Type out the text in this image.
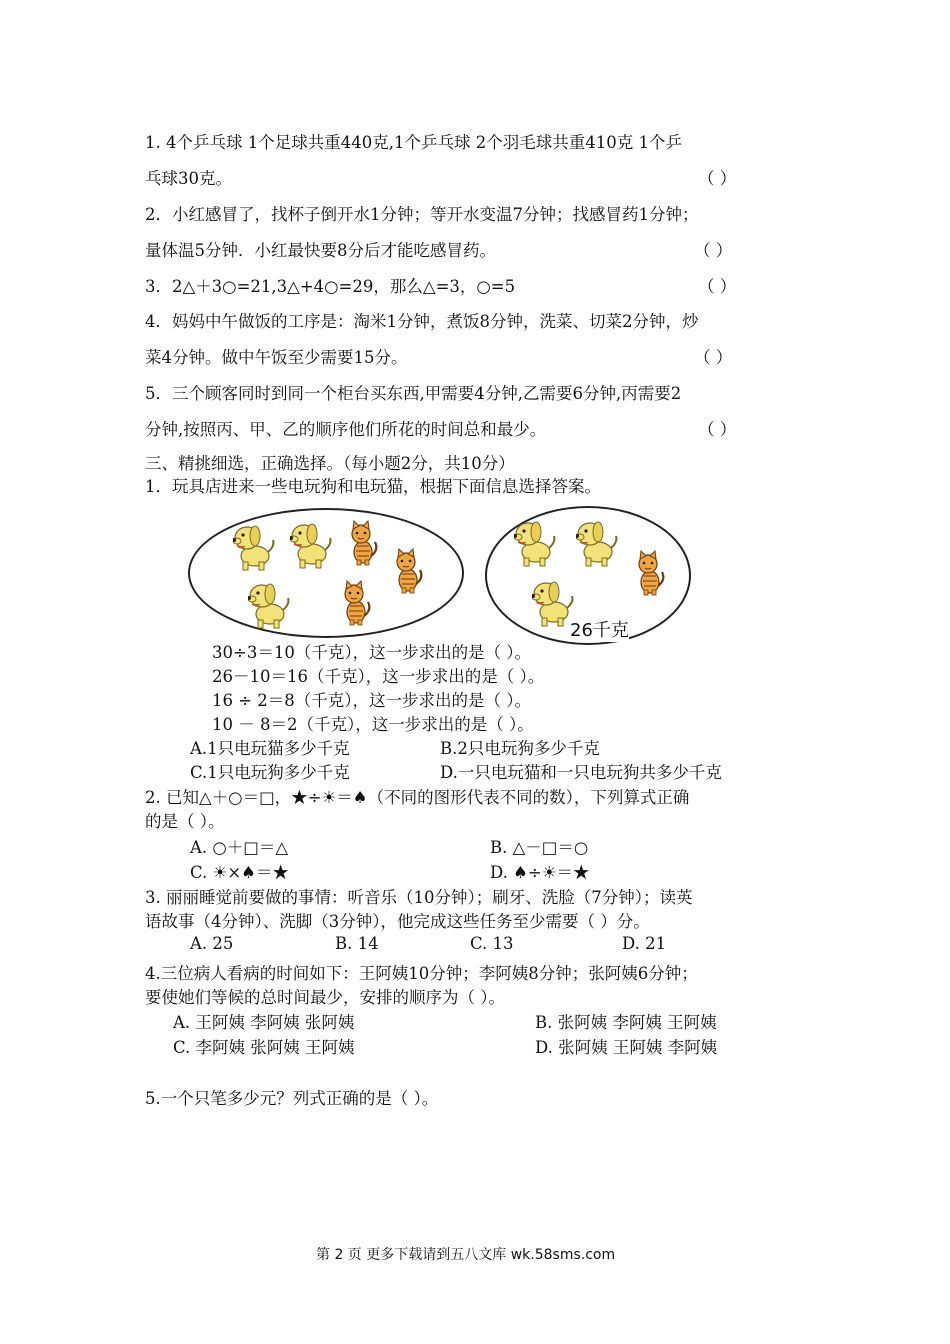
1. 4个乒乓球 1个足球共重440克,1个乒乓球 2个羽毛球共重410克 1个乒
乓球30克。	（ ）
2．小红感冒了，找杯子倒开水1分钟；等开水变温7分钟；找感冒药1分钟；
量体温5分钟．小红最快要8分后才能吃感冒药。	（ ）
3．2△＋3○=21,3△+4○=29，那么△=3，○=5	（ ）
4．妈妈中午做饭的工序是：淘米1分钟，煮饭8分钟，洗菜、切菜2分钟，炒
菜4分钟。做中午饭至少需要15分。	（ ）
5．三个顾客同时到同一个柜台买东西,甲需要4分钟,乙需要6分钟,丙需要2
分钟,按照丙、甲、乙的顺序他们所花的时间总和最少。	（ ）
三、精挑细选，正确选择。（每小题2分，共10分）
1．玩具店进来一些电玩狗和电玩猫，根据下面信息选择答案。
26千克
30÷3＝10（千克），这一步求出的是（ ）。
26－10＝16（千克），这一步求出的是（ ）。
16 ÷ 2＝8（千克），这一步求出的是（ ）。
10 － 8＝2（千克），这一步求出的是（ ）。
A.1只电玩猫多少千克	B.2只电玩狗多少千克
C.1只电玩狗多少千克	D.一只电玩猫和一只电玩狗共多少千克
2. 已知△＋○＝□，★÷☀＝♠（不同的图形代表不同的数），下列算式正确
的是（ ）。
A. ○＋□＝△	B. △－□＝○
C. ☀×♠＝★	D. ♠÷☀＝★
3. 丽丽睡觉前要做的事情：听音乐（10分钟）；刷牙、洗脸（7分钟）；读英
语故事（4分钟）、洗脚（3分钟），他完成这些任务至少需要（ ）分。
A. 25	B. 14	C. 13	D. 21
4.三位病人看病的时间如下：王阿姨10分钟；李阿姨8分钟；张阿姨6分钟；
要使她们等候的总时间最少，安排的顺序为（ ）。
A. 王阿姨 李阿姨 张阿姨	B. 张阿姨 李阿姨 王阿姨
C. 李阿姨 张阿姨 王阿姨	D. 张阿姨 王阿姨 李阿姨
5.一个只笔多少元？列式正确的是（ ）。
第 2 页 更多下载请到五八文库 wk.58sms.com
